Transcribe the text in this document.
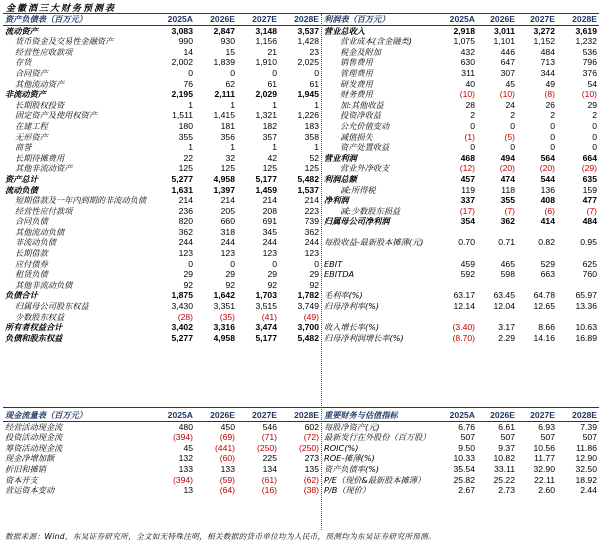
金徽酒三大财务预测表
资产负债表（百万元）	2025A	2026E	2027E	2028E
流动资产	3,083	2,847	3,148	3,537
货币资金及交易性金融资产	990	930	1,156	1,428
经营性应收款项	14	15	21	23
存货	2,002	1,839	1,910	2,025
合同资产	0	0	0	0
其他流动资产	76	62	61	61
非流动资产	2,195	2,111	2,029	1,945
长期股权投资	1	1	1	1
固定资产及使用权资产	1,511	1,415	1,321	1,226
在建工程	180	181	182	183
无形资产	355	356	357	358
商誉	1	1	1	1
长期待摊费用	22	32	42	52
其他非流动资产	125	125	125	125
资产总计	5,277	4,958	5,177	5,482
流动负债	1,631	1,397	1,459	1,537
短期借款及一年内到期的非流动负债	214	214	214	214
经营性应付款项	236	205	208	223
合同负债	820	660	691	739
其他流动负债	362	318	345	362
非流动负债	244	244	244	244
长期借款	123	123	123	123
应付债券	0	0	0	0
租赁负债	29	29	29	29
其他非流动负债	92	92	92	92
负债合计	1,875	1,642	1,703	1,782
归属母公司股东权益	3,430	3,351	3,515	3,749
少数股东权益	(28)	(35)	(41)	(49)
所有者权益合计	3,402	3,316	3,474	3,700
负债和股东权益	5,277	4,958	5,177	5,482
利润表（百万元）	2025A	2026E	2027E	2028E
营业总收入	2,918	3,011	3,272	3,619
营业成本(含金融类)	1,075	1,101	1,152	1,232
税金及附加	432	446	484	536
销售费用	630	647	713	796
管理费用	311	307	344	376
研发费用	40	45	49	54
财务费用	(10)	(10)	(8)	(10)
加:其他收益	28	24	26	29
投资净收益	2	2	2	2
公允价值变动	0	0	0	0
减值损失	(1)	(5)	0	0
资产处置收益	0	0	0	0
营业利润	468	494	564	664
营业外净收支	(12)	(20)	(20)	(29)
利润总额	457	474	544	635
减:所得税	119	118	136	159
净利润	337	355	408	477
减:少数股东损益	(17)	(7)	(6)	(7)
归属母公司净利润	354	362	414	484

每股收益-最新股本摊薄(元)	0.70	0.71	0.82	0.95

EBIT	459	465	529	625
EBITDA	592	598	663	760

毛利率(%)	63.17	63.45	64.78	65.97
归母净利率(%)	12.14	12.04	12.65	13.36

收入增长率(%)	(3.40)	3.17	8.66	10.63
归母净利润增长率(%)	(8.70)	2.29	14.16	16.89
现金流量表（百万元）	2025A	2026E	2027E	2028E
经营活动现金流	480	450	546	602
投资活动现金流	(394)	(69)	(71)	(72)
筹资活动现金流	45	(441)	(250)	(250)
现金净增加额	132	(60)	225	273
折旧和摊销	133	133	134	135
资本开支	(394)	(59)	(61)	(62)
营运资本变动	13	(64)	(16)	(38)
重要财务与估值指标	2025A	2026E	2027E	2028E
每股净资产(元)	6.76	6.61	6.93	7.39
最新发行在外股份（百万股）	507	507	507	507
ROIC(%)	9.50	9.37	10.56	11.86
ROE-摊薄(%)	10.33	10.82	11.77	12.90
资产负债率(%)	35.54	33.11	32.90	32.50
P/E（现价&最新股本摊薄）	25.82	25.22	22.11	18.92
P/B（现价）	2.67	2.73	2.60	2.44
数据来源：Wind，东吴证券研究所，全文如无特殊注明，相关数据的货币单位均为人民币，预测均为东吴证券研究所预测。
